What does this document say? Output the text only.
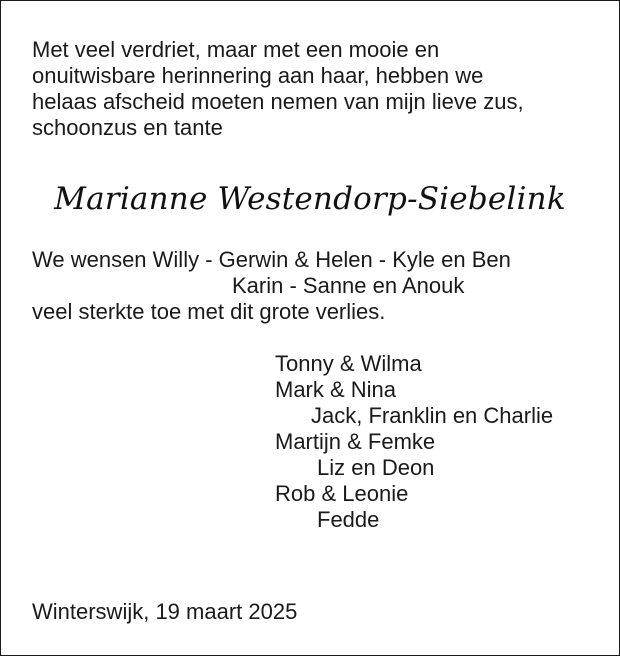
Met veel verdriet, maar met een mooie en
onuitwisbare herinnering aan haar, hebben we
helaas afscheid moeten nemen van mijn lieve zus,
schoonzus en tante
Marianne Westendorp-Siebelink
We wensen Willy - Gerwin & Helen - Kyle en Ben
Karin - Sanne en Anouk
veel sterkte toe met dit grote verlies.
Tonny & Wilma
Mark & Nina
Jack, Franklin en Charlie
Martijn & Femke
Liz en Deon
Rob & Leonie
Fedde
Winterswijk, 19 maart 2025
